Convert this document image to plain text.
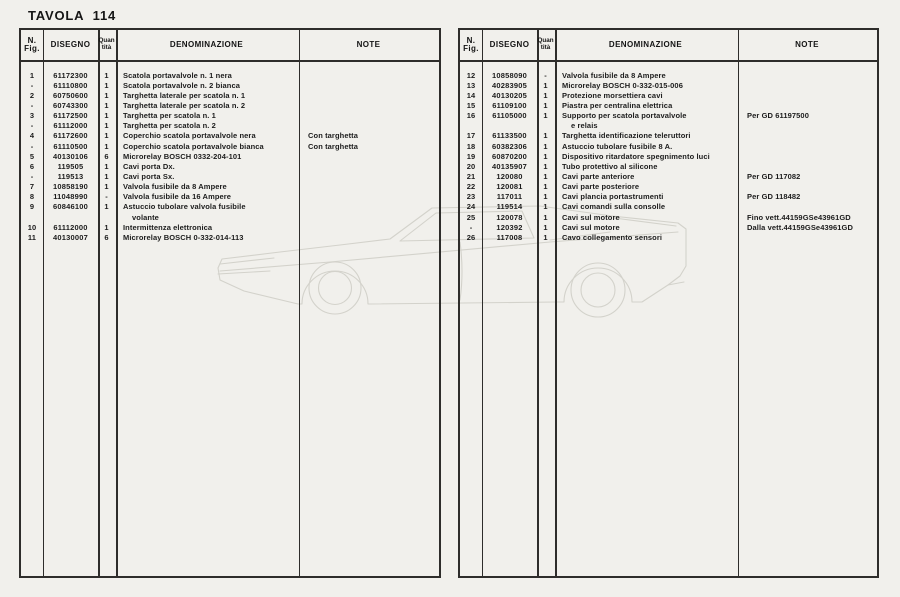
TAVOLA  114
N.
Fig. DISEGNO Quan
tità	DENOMINAZIONE	NOTE
1	61172300	1	Scatola portavalvole n. 1 nera
-	61110800	1	Scatola portavalvole n. 2 bianca
2	60750600	1	Targhetta laterale per scatola n. 1
-	60743300	1	Targhetta laterale per scatola n. 2
3	61172500	1	Targhetta per scatola n. 1
-	61112000	1	Targhetta per scatola n. 2
4	61172600	1	Coperchio scatola portavalvole nera	Con targhetta
-	61110500	1	Coperchio scatola portavalvole bianca	Con targhetta
5	40130106	6	Microrelay BOSCH 0332-204-101
6	119505	1	Cavi porta Dx.
-	119513	1	Cavi porta Sx.
7	10858190	1	Valvola fusibile da 8 Ampere
8	11048990	-	Valvola fusibile da 16 Ampere
9	60846100	1	Astuccio tubolare valvola fusibile
volante
10	61112000	1	Intermittenza elettronica
11	40130007	6	Microrelay BOSCH 0-332-014-113
N.
Fig. DISEGNO Quan
tità	DENOMINAZIONE	NOTE
12	10858090	-	Valvola fusibile da 8 Ampere
13	40283905	1	Microrelay BOSCH 0-332-015-006
14	40130205	1	Protezione morsettiera cavi
15	61109100	1	Piastra per centralina elettrica
16	61105000	1	Supporto per scatola portavalvole	Per GD 61197500
e relais
17	61133500	1	Targhetta identificazione teleruttori
18	60382306	1	Astuccio tubolare fusibile 8 A.
19	60870200	1	Dispositivo ritardatore spegnimento luci
20	40135907	1	Tubo protettivo al silicone
21	120080	1	Cavi parte anteriore	Per GD 117082
22	120081	1	Cavi parte posteriore
23	117011	1	Cavi plancia portastrumenti	Per GD 118482
24	119514	1	Cavi comandi sulla consolle
25	120078	1	Cavi sul motore	Fino vett.44159GSe43961GD
-	120392	1	Cavi sul motore	Dalla vett.44159GSe43961GD
26	117008	1	Cavo collegamento sensori
